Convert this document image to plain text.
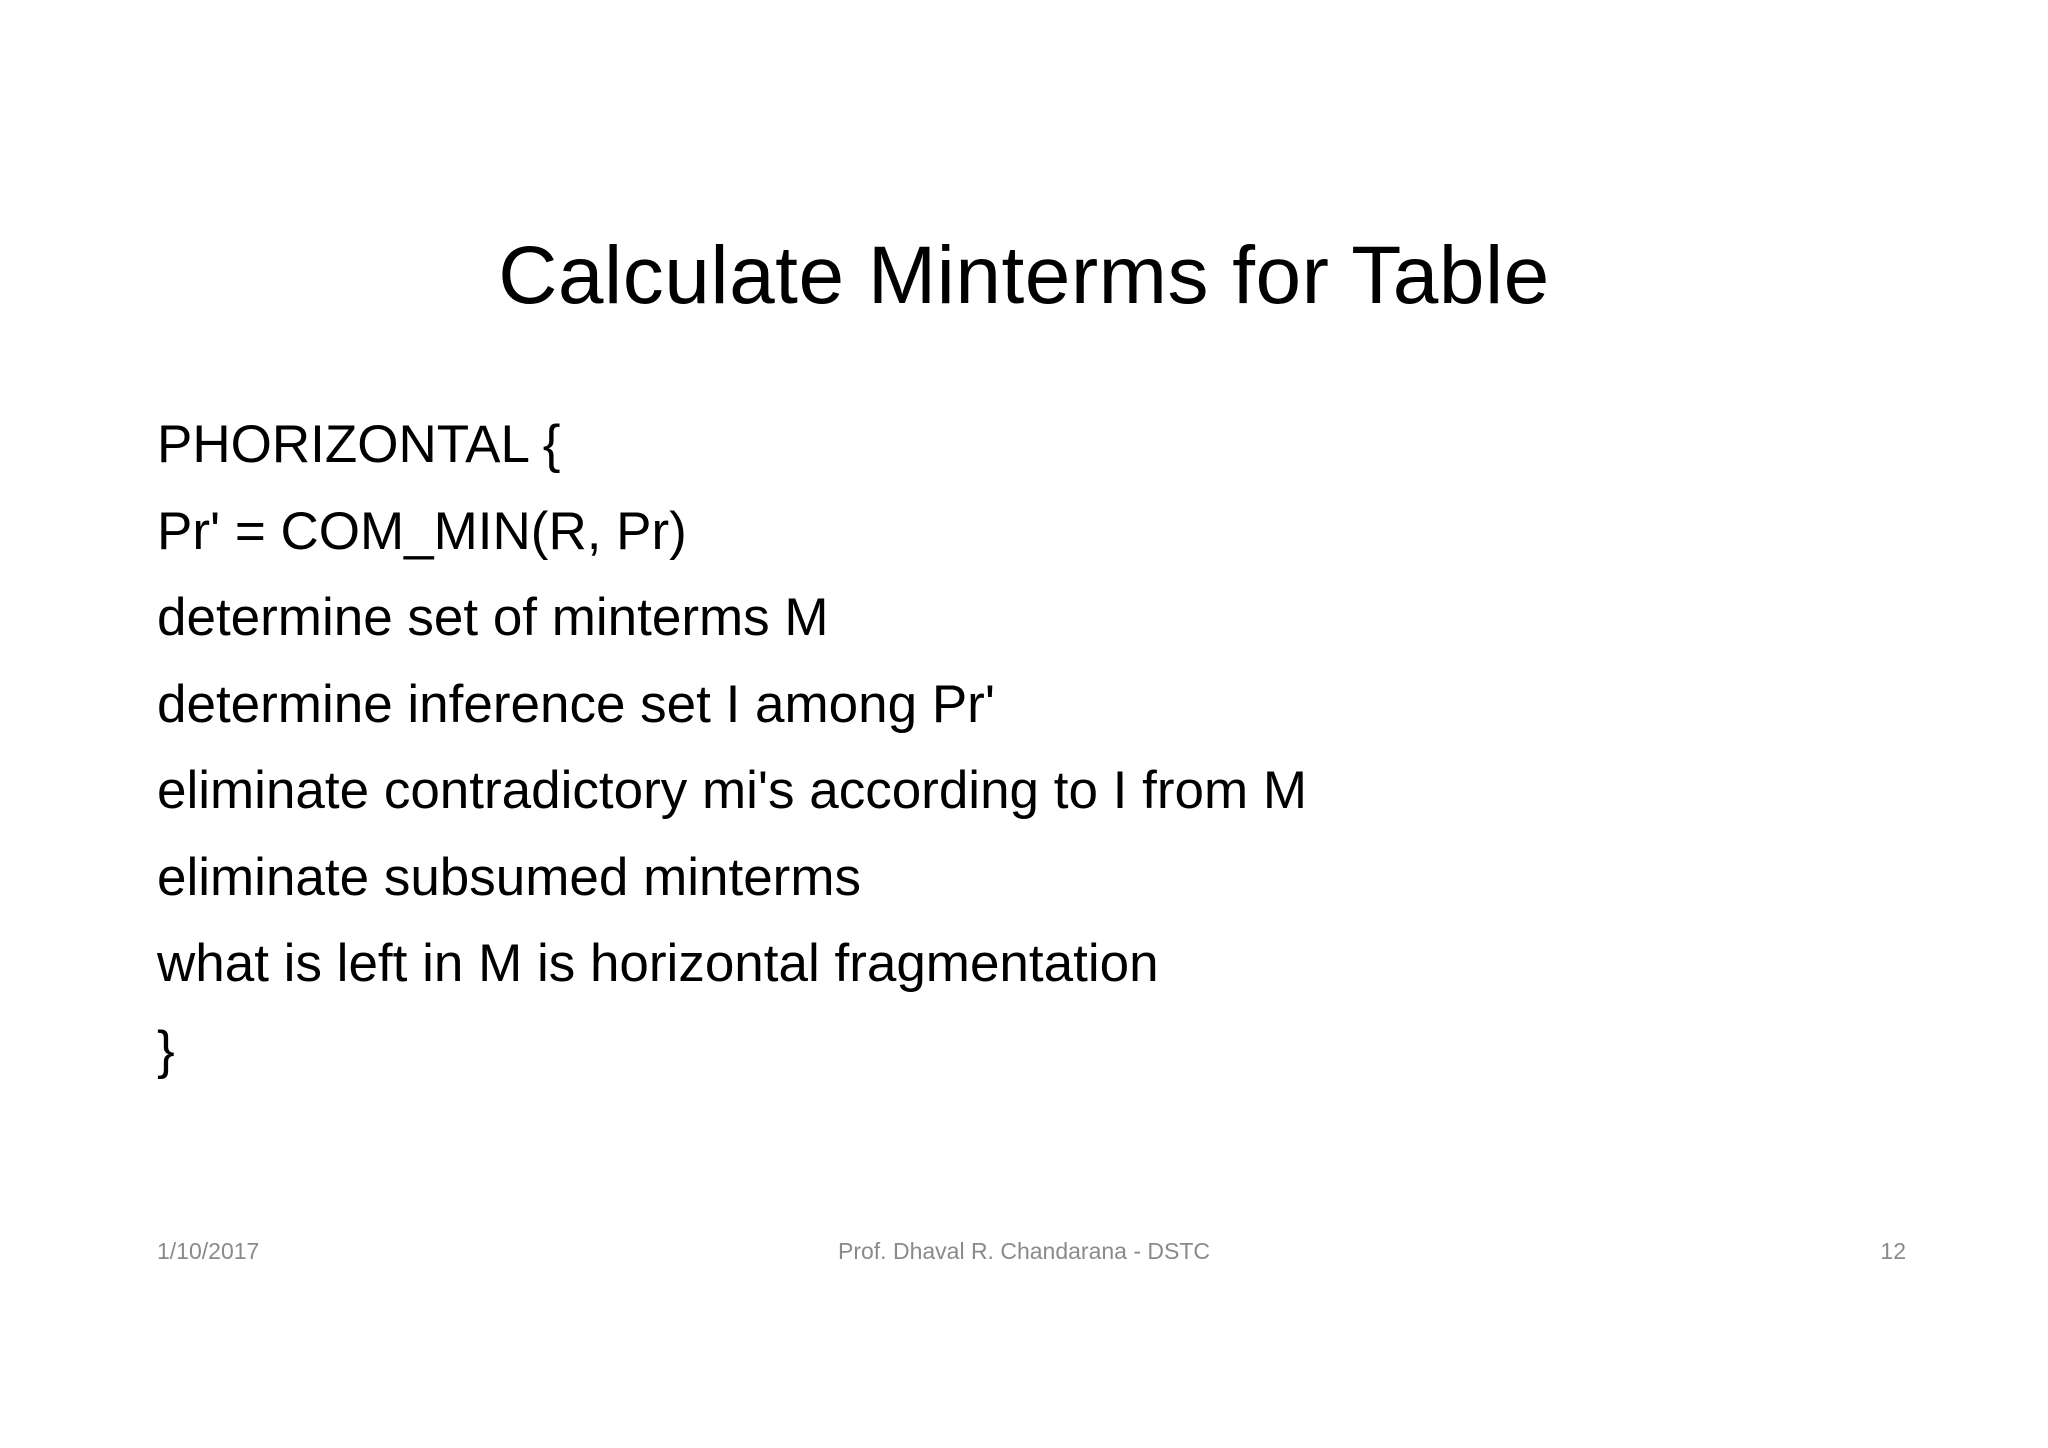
Calculate Minterms for Table
PHORIZONTAL {
Pr' = COM_MIN(R, Pr)
determine set of minterms M
determine inference set I among Pr'
eliminate contradictory mi's according to I from M
eliminate subsumed minterms
what is left in M is horizontal fragmentation
}
1/10/2017	Prof. Dhaval R. Chandarana - DSTC	12
